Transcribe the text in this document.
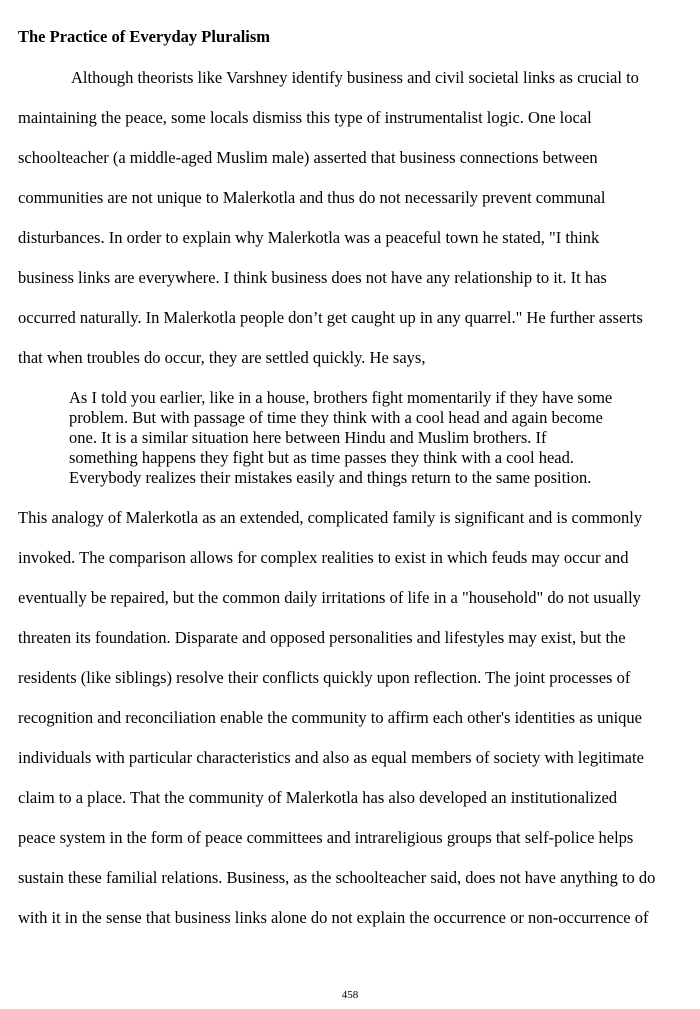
The Practice of Everyday Pluralism
Although theorists like Varshney identify business and civil societal links as crucial to
maintaining the peace, some locals dismiss this type of instrumentalist logic. One local
schoolteacher (a middle-aged Muslim male) asserted that business connections between
communities are not unique to Malerkotla and thus do not necessarily prevent communal
disturbances. In order to explain why Malerkotla was a peaceful town he stated, "I think
business links are everywhere. I think business does not have any relationship to it. It has
occurred naturally. In Malerkotla people don’t get caught up in any quarrel." He further asserts
that when troubles do occur, they are settled quickly. He says,
As I told you earlier, like in a house, brothers fight momentarily if they have some
problem. But with passage of time they think with a cool head and again become
one. It is a similar situation here between Hindu and Muslim brothers. If
something happens they fight but as time passes they think with a cool head.
Everybody realizes their mistakes easily and things return to the same position.
This analogy of Malerkotla as an extended, complicated family is significant and is commonly
invoked. The comparison allows for complex realities to exist in which feuds may occur and
eventually be repaired, but the common daily irritations of life in a "household" do not usually
threaten its foundation. Disparate and opposed personalities and lifestyles may exist, but the
residents (like siblings) resolve their conflicts quickly upon reflection. The joint processes of
recognition and reconciliation enable the community to affirm each other's identities as unique
individuals with particular characteristics and also as equal members of society with legitimate
claim to a place. That the community of Malerkotla has also developed an institutionalized
peace system in the form of peace committees and intrareligious groups that self-police helps
sustain these familial relations. Business, as the schoolteacher said, does not have anything to do
with it in the sense that business links alone do not explain the occurrence or non-occurrence of
458
